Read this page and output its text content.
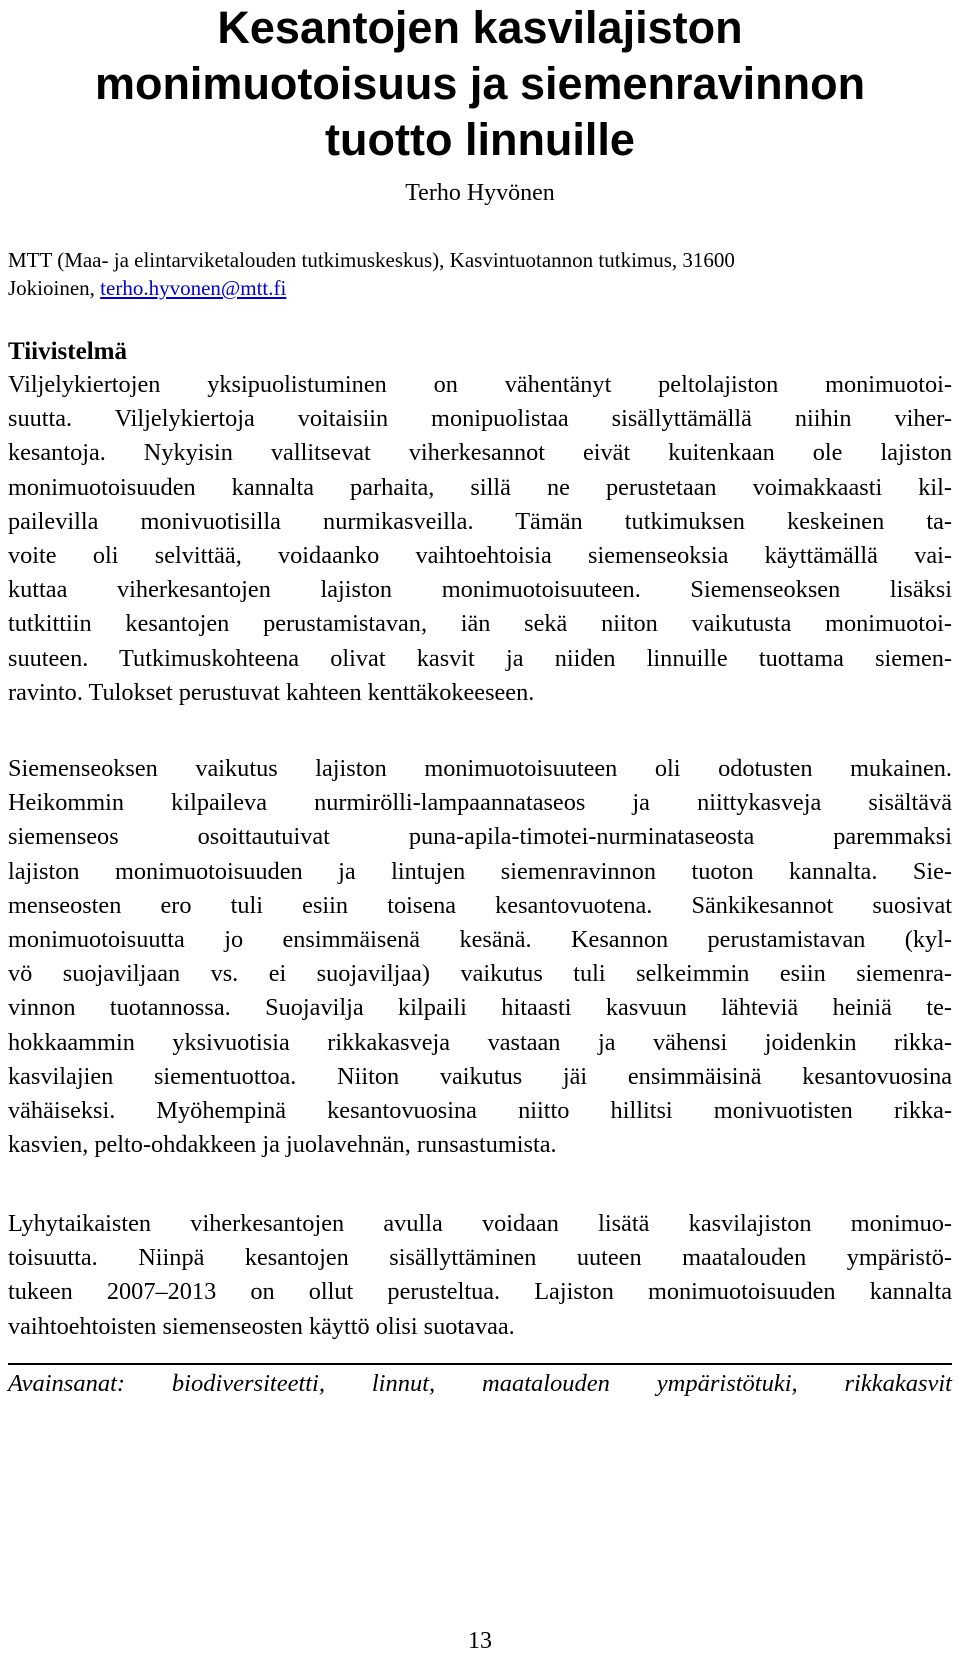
Kesantojen kasvilajiston
monimuotoisuus ja siemenravinnon
tuotto linnuille
Terho Hyvönen
MTT (Maa- ja elintarviketalouden tutkimuskeskus), Kasvintuotannon tutkimus, 31600
Jokioinen, terho.hyvonen@mtt.fi
Tiivistelmä

Viljelykiertojen yksipuolistuminen on vähentänyt peltolajiston monimuotoi-
suutta. Viljelykiertoja voitaisiin monipuolistaa sisällyttämällä niihin viher-
kesantoja. Nykyisin vallitsevat viherkesannot eivät kuitenkaan ole lajiston
monimuotoisuuden kannalta parhaita, sillä ne perustetaan voimakkaasti kil-
pailevilla monivuotisilla nurmikasveilla. Tämän tutkimuksen keskeinen ta-
voite oli selvittää, voidaanko vaihtoehtoisia siemenseoksia käyttämällä vai-
kuttaa viherkesantojen lajiston monimuotoisuuteen. Siemenseoksen lisäksi
tutkittiin kesantojen perustamistavan, iän sekä niiton vaikutusta monimuotoi-
suuteen. Tutkimuskohteena olivat kasvit ja niiden linnuille tuottama siemen-
ravinto. Tulokset perustuvat kahteen kenttäkokeeseen.

Siemenseoksen vaikutus lajiston monimuotoisuuteen oli odotusten mukainen.
Heikommin kilpaileva nurmirölli-lampaannataseos ja niittykasveja sisältävä
siemenseos osoittautuivat puna-apila-timotei-nurminataseosta paremmaksi
lajiston monimuotoisuuden ja lintujen siemenravinnon tuoton kannalta. Sie-
menseosten ero tuli esiin toisena kesantovuotena. Sänkikesannot suosivat
monimuotoisuutta jo ensimmäisenä kesänä. Kesannon perustamistavan (kyl-
vö suojaviljaan vs. ei suojaviljaa) vaikutus tuli selkeimmin esiin siemenra-
vinnon tuotannossa. Suojavilja kilpaili hitaasti kasvuun lähteviä heiniä te-
hokkaammin yksivuotisia rikkakasveja vastaan ja vähensi joidenkin rikka-
kasvilajien siementuottoa. Niiton vaikutus jäi ensimmäisinä kesantovuosina
vähäiseksi. Myöhempinä kesantovuosina niitto hillitsi monivuotisten rikka-
kasvien, pelto-ohdakkeen ja juolavehnän, runsastumista.

Lyhytaikaisten viherkesantojen avulla voidaan lisätä kasvilajiston monimuo-
toisuutta. Niinpä kesantojen sisällyttäminen uuteen maatalouden ympäristö-
tukeen 2007–2013 on ollut perusteltua. Lajiston monimuotoisuuden kannalta
vaihtoehtoisten siemenseosten käyttö olisi suotavaa.

Avainsanat: biodiversiteetti, linnut, maatalouden ympäristötuki, rikkakasvit
13
